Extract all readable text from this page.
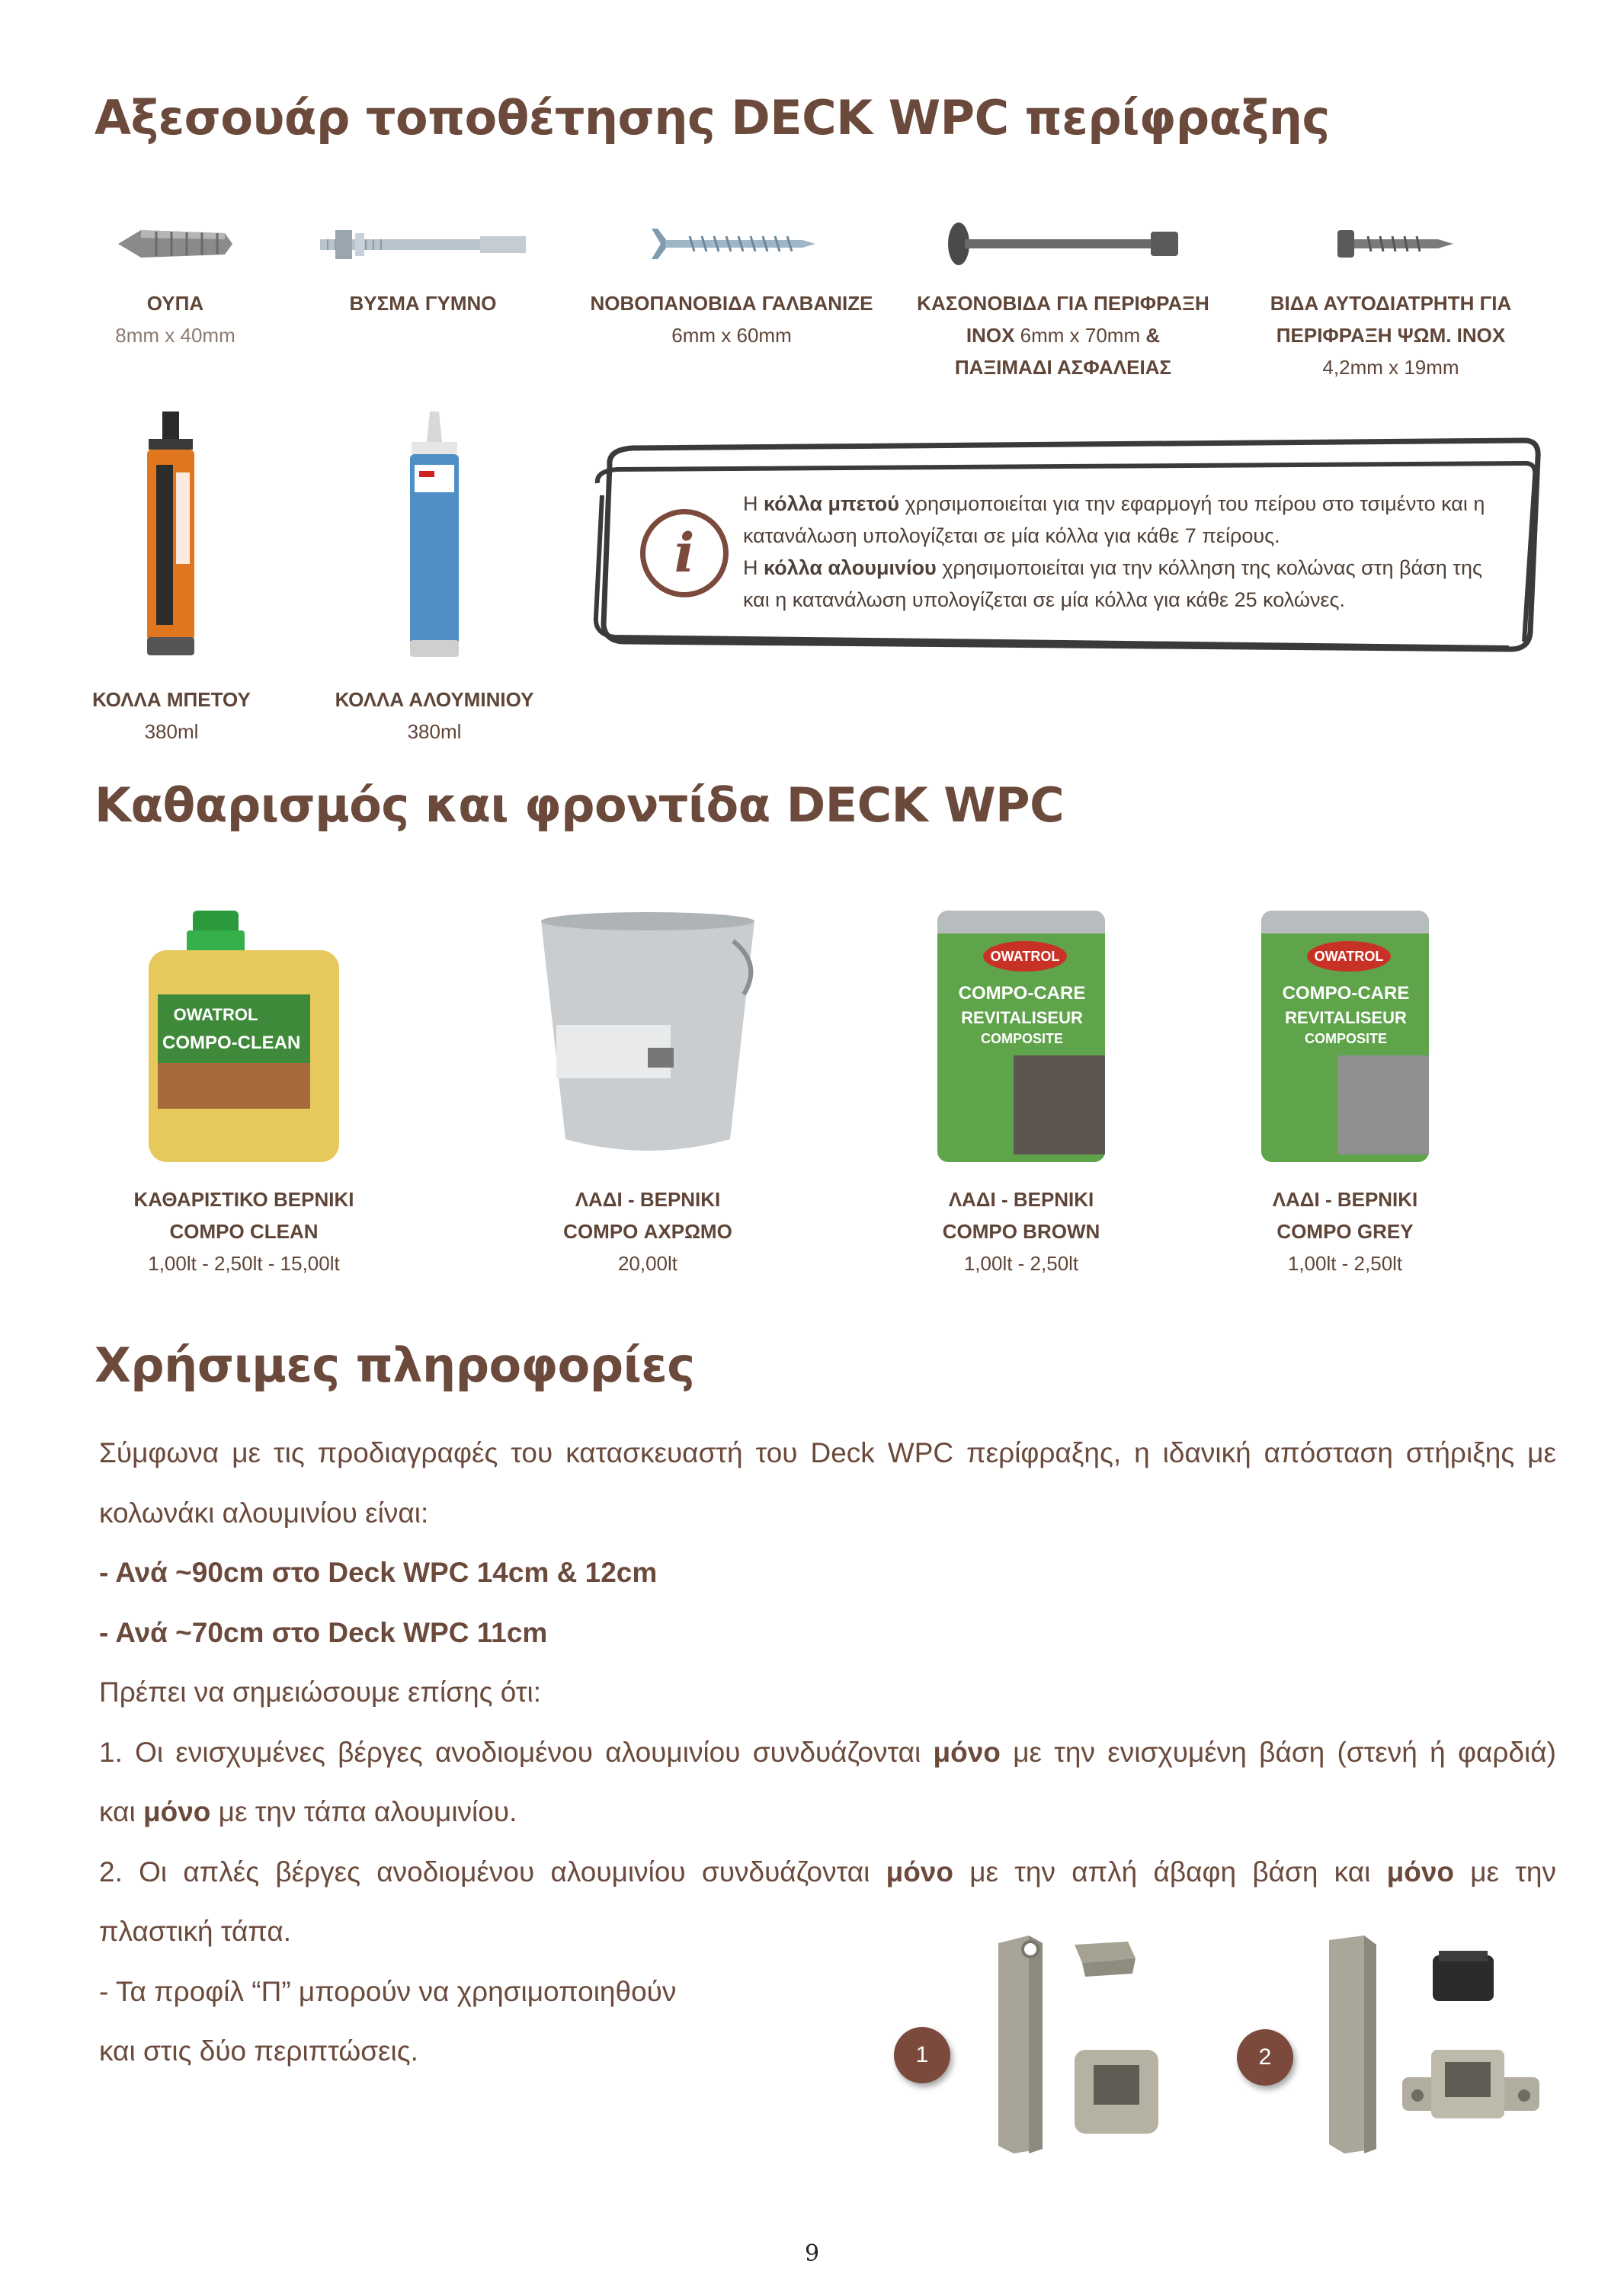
Αξεσουάρ τοποθέτησης DECK WPC περίφραξης
ΟΥΠΑ
8mm x 40mm
ΒΥΣΜΑ ΓΥΜΝΟ	ΝΟΒΟΠΑΝΟΒΙΔΑ ΓΑΛΒΑΝΙΖΕ
6mm x 60mm
ΚΑΣΟΝΟΒΙΔΑ ΓΙΑ ΠΕΡΙΦΡΑΞΗ
INOX 6mm x 70mm &
ΠΑΞΙΜΑΔΙ ΑΣΦΑΛΕΙΑΣ
ΒΙΔΑ ΑΥΤΟΔΙΑΤΡΗΤΗ ΓΙΑ
ΠΕΡΙΦΡΑΞΗ ΨΩΜ. INOX
4,2mm x 19mm
ΚΟΛΛΑ ΜΠΕΤΟΥ
380ml
ΚΟΛΛΑ ΑΛΟΥΜΙΝΙΟΥ
380ml
i
Η κόλλα μπετού χρησιμοποιείται για την εφαρμογή του πείρου στο τσιμέντο και η κατανάλωση υπολογίζεται σε μία κόλλα για κάθε 7 πείρους.
Η κόλλα αλουμινίου χρησιμοποιείται για την κόλληση της κολώνας στη βάση της και η κατανάλωση υπολογίζεται σε μία κόλλα για κάθε 25 κολώνες.
Καθαρισμός και φροντίδα DECK WPC
OWATROL
COMPO-CLEAN
ΚΑΘΑΡΙΣΤΙΚΟ ΒΕΡΝΙΚΙ
COMPO CLEAN
1,00lt - 2,50lt - 15,00lt
ΛΑΔΙ - ΒΕΡΝΙΚΙ
COMPO ΑΧΡΩΜΟ
20,00lt
OWATROL
COMPO-CARE
REVITALISEUR
COMPOSITE
ΛΑΔΙ - ΒΕΡΝΙΚΙ
COMPO BROWN
1,00lt - 2,50lt
OWATROL
COMPO-CARE
REVITALISEUR
COMPOSITE
ΛΑΔΙ - ΒΕΡΝΙΚΙ
COMPO GREY
1,00lt - 2,50lt
Χρήσιμες πληροφορίες

Σύμφωνα με τις προδιαγραφές του κατασκευαστή του Deck WPC περίφραξης, η ιδανική απόσταση στήριξης με

κολωνάκι αλουμινίου είναι:

- Ανά ~90cm στο Deck WPC 14cm & 12cm

- Ανά ~70cm στο Deck WPC 11cm

Πρέπει να σημειώσουμε επίσης ότι:

1. Οι ενισχυμένες βέργες ανοδιομένου αλουμινίου συνδυάζονται μόνο με την ενισχυμένη βάση (στενή ή φαρδιά)

και μόνο με την τάπα αλουμινίου.

2. Οι απλές βέργες ανοδιομένου αλουμινίου συνδυάζονται μόνο με την απλή άβαφη βάση και μόνο με την

πλαστική τάπα.

- Τα προφίλ “Π” μπορούν να χρησιμοποιηθούν

και στις δύο περιπτώσεις.	1	2
9
